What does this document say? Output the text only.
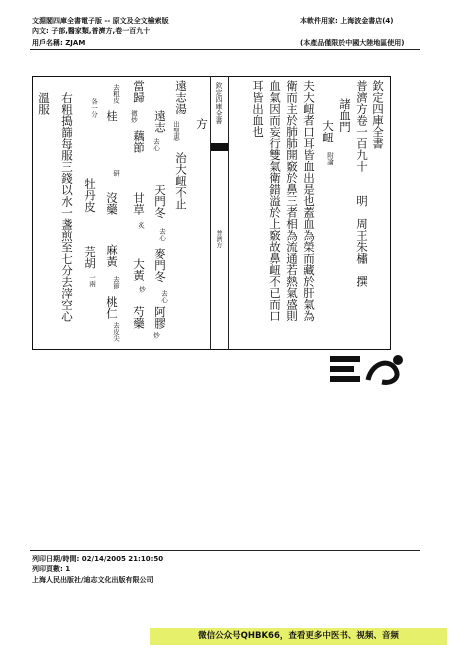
文淵閣四庫全書電子版 -- 原文及全文檢索版
內文: 子部,醫家類,普濟方,卷一百九十
用戶名稱: ZJAM
本軟件用家: 上海波金書店(4)
(本產品僅限於中國大陸地區使用)
欽定四庫全書
普濟方卷一百九十　　明　周王朱橚　撰
諸血門
大衄
附論
夫大衄者口耳皆血出是也蓋血為榮而藏於肝氣為
衛而主於肺肺開竅於鼻三者相為流通若熱氣盛則
血氣因而妄行雙氣衛錯溢於上竅故鼻衄不已而口
耳皆出血也
欽定四庫全書
普濟方
方
遠志湯
出聖惠
治大衄不止
遠志
去心
天門冬
去心
麥門冬
去心
阿膠
炒
當歸
微炒
藕節
甘草
炙
大黃
炒
芍藥
桂
去粗皮
沒藥
研
麻黃
去節
桃仁
去皮尖
牡丹皮
各一分
芫胡
一兩
右粗搗篩每服三錢以水一盞煎至七分去滓空心
溫服
列印日期/時間: 02/14/2005 21:10:50
列印頁數: 1
上海人民出版社/迪志文化出版有限公司
微信公众号QHBK66，查看更多中医书、视频、音频
